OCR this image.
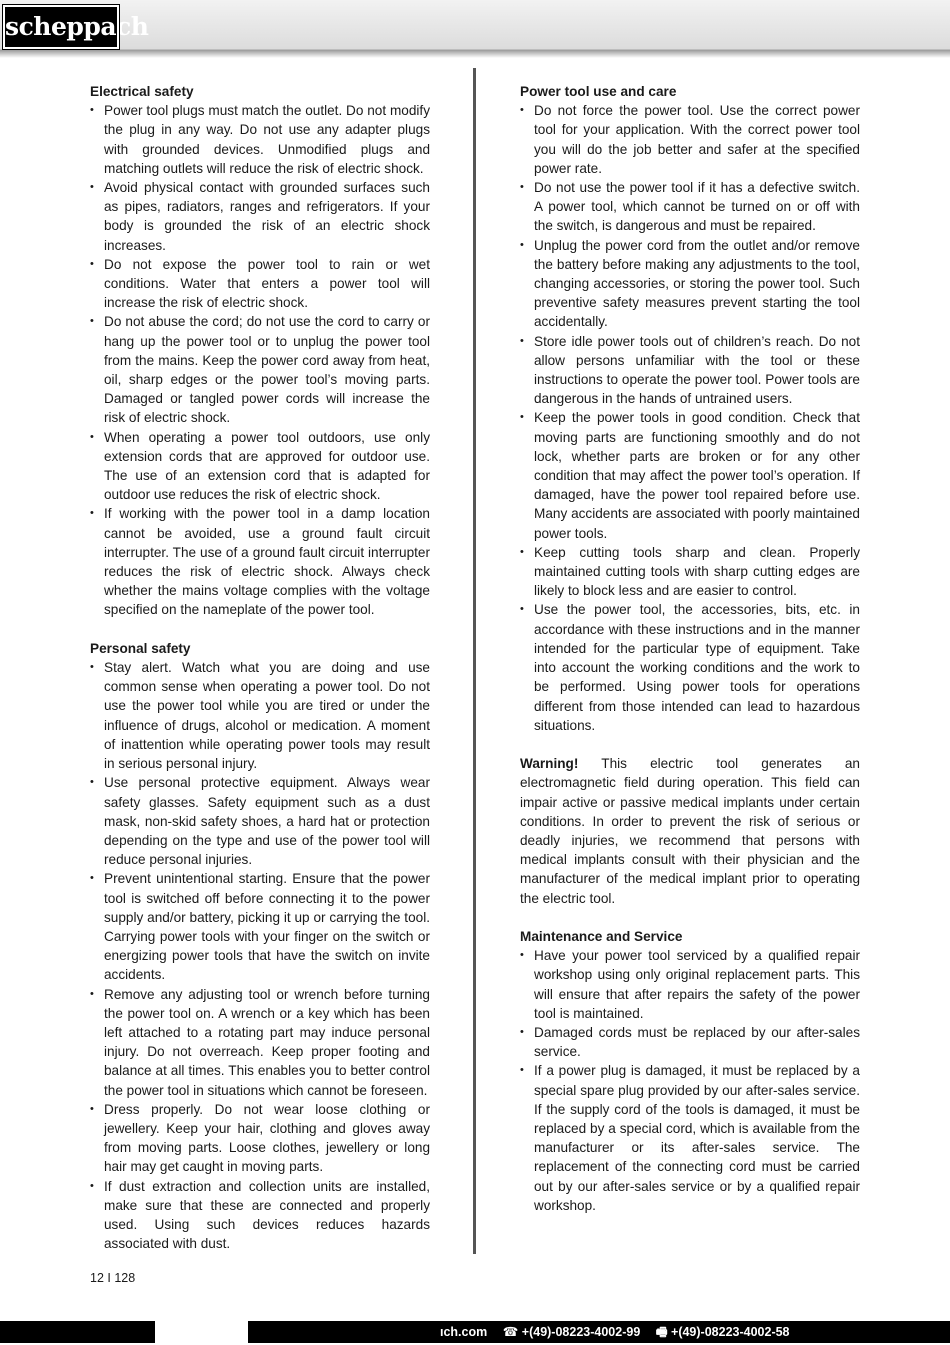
scheppach
Electrical safety
• Power tool plugs must match the outlet. Do not modify the plug in any way. Do not use any adapter plugs with grounded devices. Unmodified plugs and matching outlets will reduce the risk of electric shock.
• Avoid physical contact with grounded surfaces such as pipes, radiators, ranges and refrigerators. If your body is grounded the risk of an electric shock increases.
• Do not expose the power tool to rain or wet conditions. Water that enters a power tool will increase the risk of electric shock.
• Do not abuse the cord; do not use the cord to carry or hang up the power tool or to unplug the power tool from the mains. Keep the power cord away from heat, oil, sharp edges or the power tool’s moving parts. Damaged or tangled power cords will increase the risk of electric shock.
• When operating a power tool outdoors, use only extension cords that are approved for outdoor use. The use of an extension cord that is adapted for outdoor use reduces the risk of electric shock.
• If working with the power tool in a damp location cannot be avoided, use a ground fault circuit interrupter. The use of a ground fault circuit interrupter reduces the risk of electric shock. Always check whether the mains voltage complies with the voltage specified on the nameplate of the power tool.
Personal safety
• Stay alert. Watch what you are doing and use common sense when operating a power tool. Do not use the power tool while you are tired or under the influence of drugs, alcohol or medication. A moment of inattention while operating power tools may result in serious personal injury.
• Use personal protective equipment. Always wear safety glasses. Safety equipment such as a dust mask, non-skid safety shoes, a hard hat or protection depending on the type and use of the power tool will reduce personal injuries.
• Prevent unintentional starting. Ensure that the power tool is switched off before connecting it to the power supply and/or battery, picking it up or carrying the tool. Carrying power tools with your finger on the switch or energizing power tools that have the switch on invite accidents.
• Remove any adjusting tool or wrench before turning the power tool on. A wrench or a key which has been left attached to a rotating part may induce personal injury. Do not overreach. Keep proper footing and balance at all times. This enables you to better control the power tool in situations which cannot be foreseen.
• Dress properly. Do not wear loose clothing or jewellery. Keep your hair, clothing and gloves away from moving parts. Loose clothes, jewellery or long hair may get caught in moving parts.
• If dust extraction and collection units are installed, make sure that these are connected and properly used. Using such devices reduces hazards associated with dust.
Power tool use and care
• Do not force the power tool. Use the correct power tool for your application. With the correct power tool you will do the job better and safer at the specified power rate.
• Do not use the power tool if it has a defective switch. A power tool, which cannot be turned on or off with the switch, is dangerous and must be repaired.
• Unplug the power cord from the outlet and/or remove the battery before making any adjustments to the tool, changing accessories, or storing the power tool. Such preventive safety measures prevent starting the tool accidentally.
• Store idle power tools out of children’s reach. Do not allow persons unfamiliar with the tool or these instructions to operate the power tool. Power tools are dangerous in the hands of untrained users.
• Keep the power tools in good condition. Check that moving parts are functioning smoothly and do not lock, whether parts are broken or for any other condition that may affect the power tool’s operation. If damaged, have the power tool repaired before use. Many accidents are associated with poorly maintained power tools.
• Keep cutting tools sharp and clean. Properly maintained cutting tools with sharp cutting edges are likely to block less and are easier to control.
• Use the power tool, the accessories, bits, etc. in accordance with these instructions and in the manner intended for the particular type of equipment. Take into account the working conditions and the work to be performed. Using power tools for operations different from those intended can lead to hazardous situations.

Warning! This electric tool generates an electromagnetic field during operation. This field can impair active or passive medical implants under certain conditions. In order to prevent the risk of serious or deadly injuries, we recommend that persons with medical implants consult with their physician and the manufacturer of the medical implant prior to operating the electric tool.

Maintenance and Service
• Have your power tool serviced by a qualified repair workshop using only original replacement parts. This will ensure that after repairs the safety of the power tool is maintained.
• Damaged cords must be replaced by our after-sales service.
• If a power plug is damaged, it must be replaced by a special spare plug provided by our after-sales service. If the supply cord of the tools is damaged, it must be replaced by a special cord, which is available from the manufacturer or its after-sales service. The replacement of the connecting cord must be carried out by our after-sales service or by a qualified repair workshop.
12 I 128
ıch.com ☎ +(49)-08223-4002-99 🖷 +(49)-08223-4002-58
